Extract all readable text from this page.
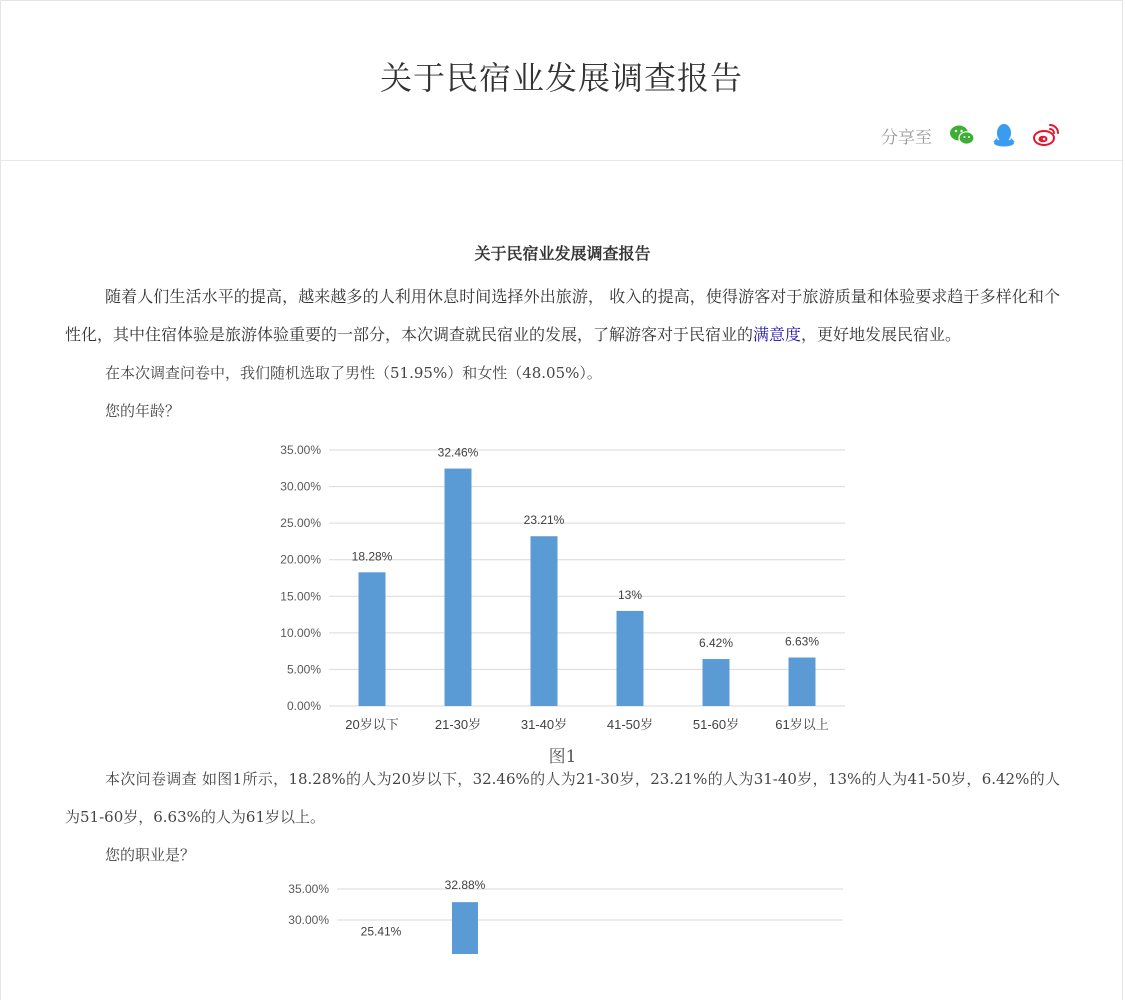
关于民宿业发展调查报告
分享至
关于民宿业发展调查报告

随着人们生活水平的提高，越来越多的人利用休息时间选择外出旅游， 收入的提高，使得游客对于旅游质量和体验要求趋于多样化和个性化，其中住宿体验是旅游体验重要的一部分，本次调查就民宿业的发展，了解游客对于民宿业的满意度，更好地发展民宿业。

在本次调查问卷中，我们随机选取了男性（51.95%）和女性（48.05%）。

您的年龄？

0.00%
5.00%
10.00%
15.00%
20.00%
25.00%
30.00%
35.00%
18.28%
20岁以下
32.46%
21-30岁
23.21%
31-40岁
13%
41-50岁
6.42%
51-60岁
6.63%
61岁以上
图1

本次问卷调查 如图1所示，18.28%的人为20岁以下，32.46%的人为21-30岁，23.21%的人为31-40岁，13%的人为41-50岁，6.42%的人为51-60岁，6.63%的人为61岁以上。

您的职业是？

35.00%
30.00%
25.41%
32.88%
